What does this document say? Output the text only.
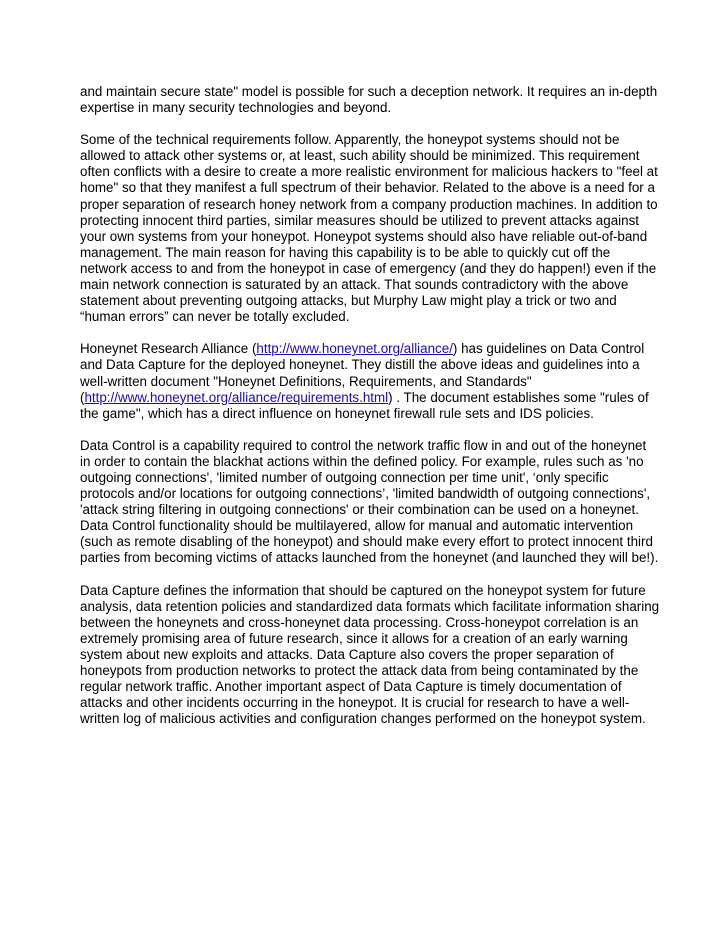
and maintain secure state" model is possible for such a deception network. It requires an in-depth expertise in many security technologies and beyond.

Some of the technical requirements follow. Apparently, the honeypot systems should not be allowed to attack other systems or, at least, such ability should be minimized. This requirement often conflicts with a desire to create a more realistic environment for malicious hackers to "feel at home" so that they manifest a full spectrum of their behavior. Related to the above is a need for a proper separation of research honey network from a company production machines. In addition to protecting innocent third parties, similar measures should be utilized to prevent attacks against your own systems from your honeypot. Honeypot systems should also have reliable out-of-band management. The main reason for having this capability is to be able to quickly cut off the network access to and from the honeypot in case of emergency (and they do happen!) even if the main network connection is saturated by an attack. That sounds contradictory with the above statement about preventing outgoing attacks, but Murphy Law might play a trick or two and “human errors” can never be totally excluded.

Honeynet Research Alliance (http://www.honeynet.org/alliance/) has guidelines on Data Control and Data Capture for the deployed honeynet. They distill the above ideas and guidelines into a well-written document "Honeynet Definitions, Requirements, and Standards" (http://www.honeynet.org/alliance/requirements.html) . The document establishes some "rules of the game", which has a direct influence on honeynet firewall rule sets and IDS policies.

Data Control is a capability required to control the network traffic flow in and out of the honeynet in order to contain the blackhat actions within the defined policy. For example, rules such as 'no outgoing connections', 'limited number of outgoing connection per time unit', ‘only specific protocols and/or locations for outgoing connections’, 'limited bandwidth of outgoing connections', 'attack string filtering in outgoing connections' or their combination can be used on a honeynet. Data Control functionality should be multilayered, allow for manual and automatic intervention (such as remote disabling of the honeypot) and should make every effort to protect innocent third parties from becoming victims of attacks launched from the honeynet (and launched they will be!).

Data Capture defines the information that should be captured on the honeypot system for future analysis, data retention policies and standardized data formats which facilitate information sharing between the honeynets and cross-honeynet data processing. Cross-honeypot correlation is an extremely promising area of future research, since it allows for a creation of an early warning system about new exploits and attacks. Data Capture also covers the proper separation of honeypots from production networks to protect the attack data from being contaminated by the regular network traffic. Another important aspect of Data Capture is timely documentation of attacks and other incidents occurring in the honeypot. It is crucial for research to have a well-written log of malicious activities and configuration changes performed on the honeypot system.
